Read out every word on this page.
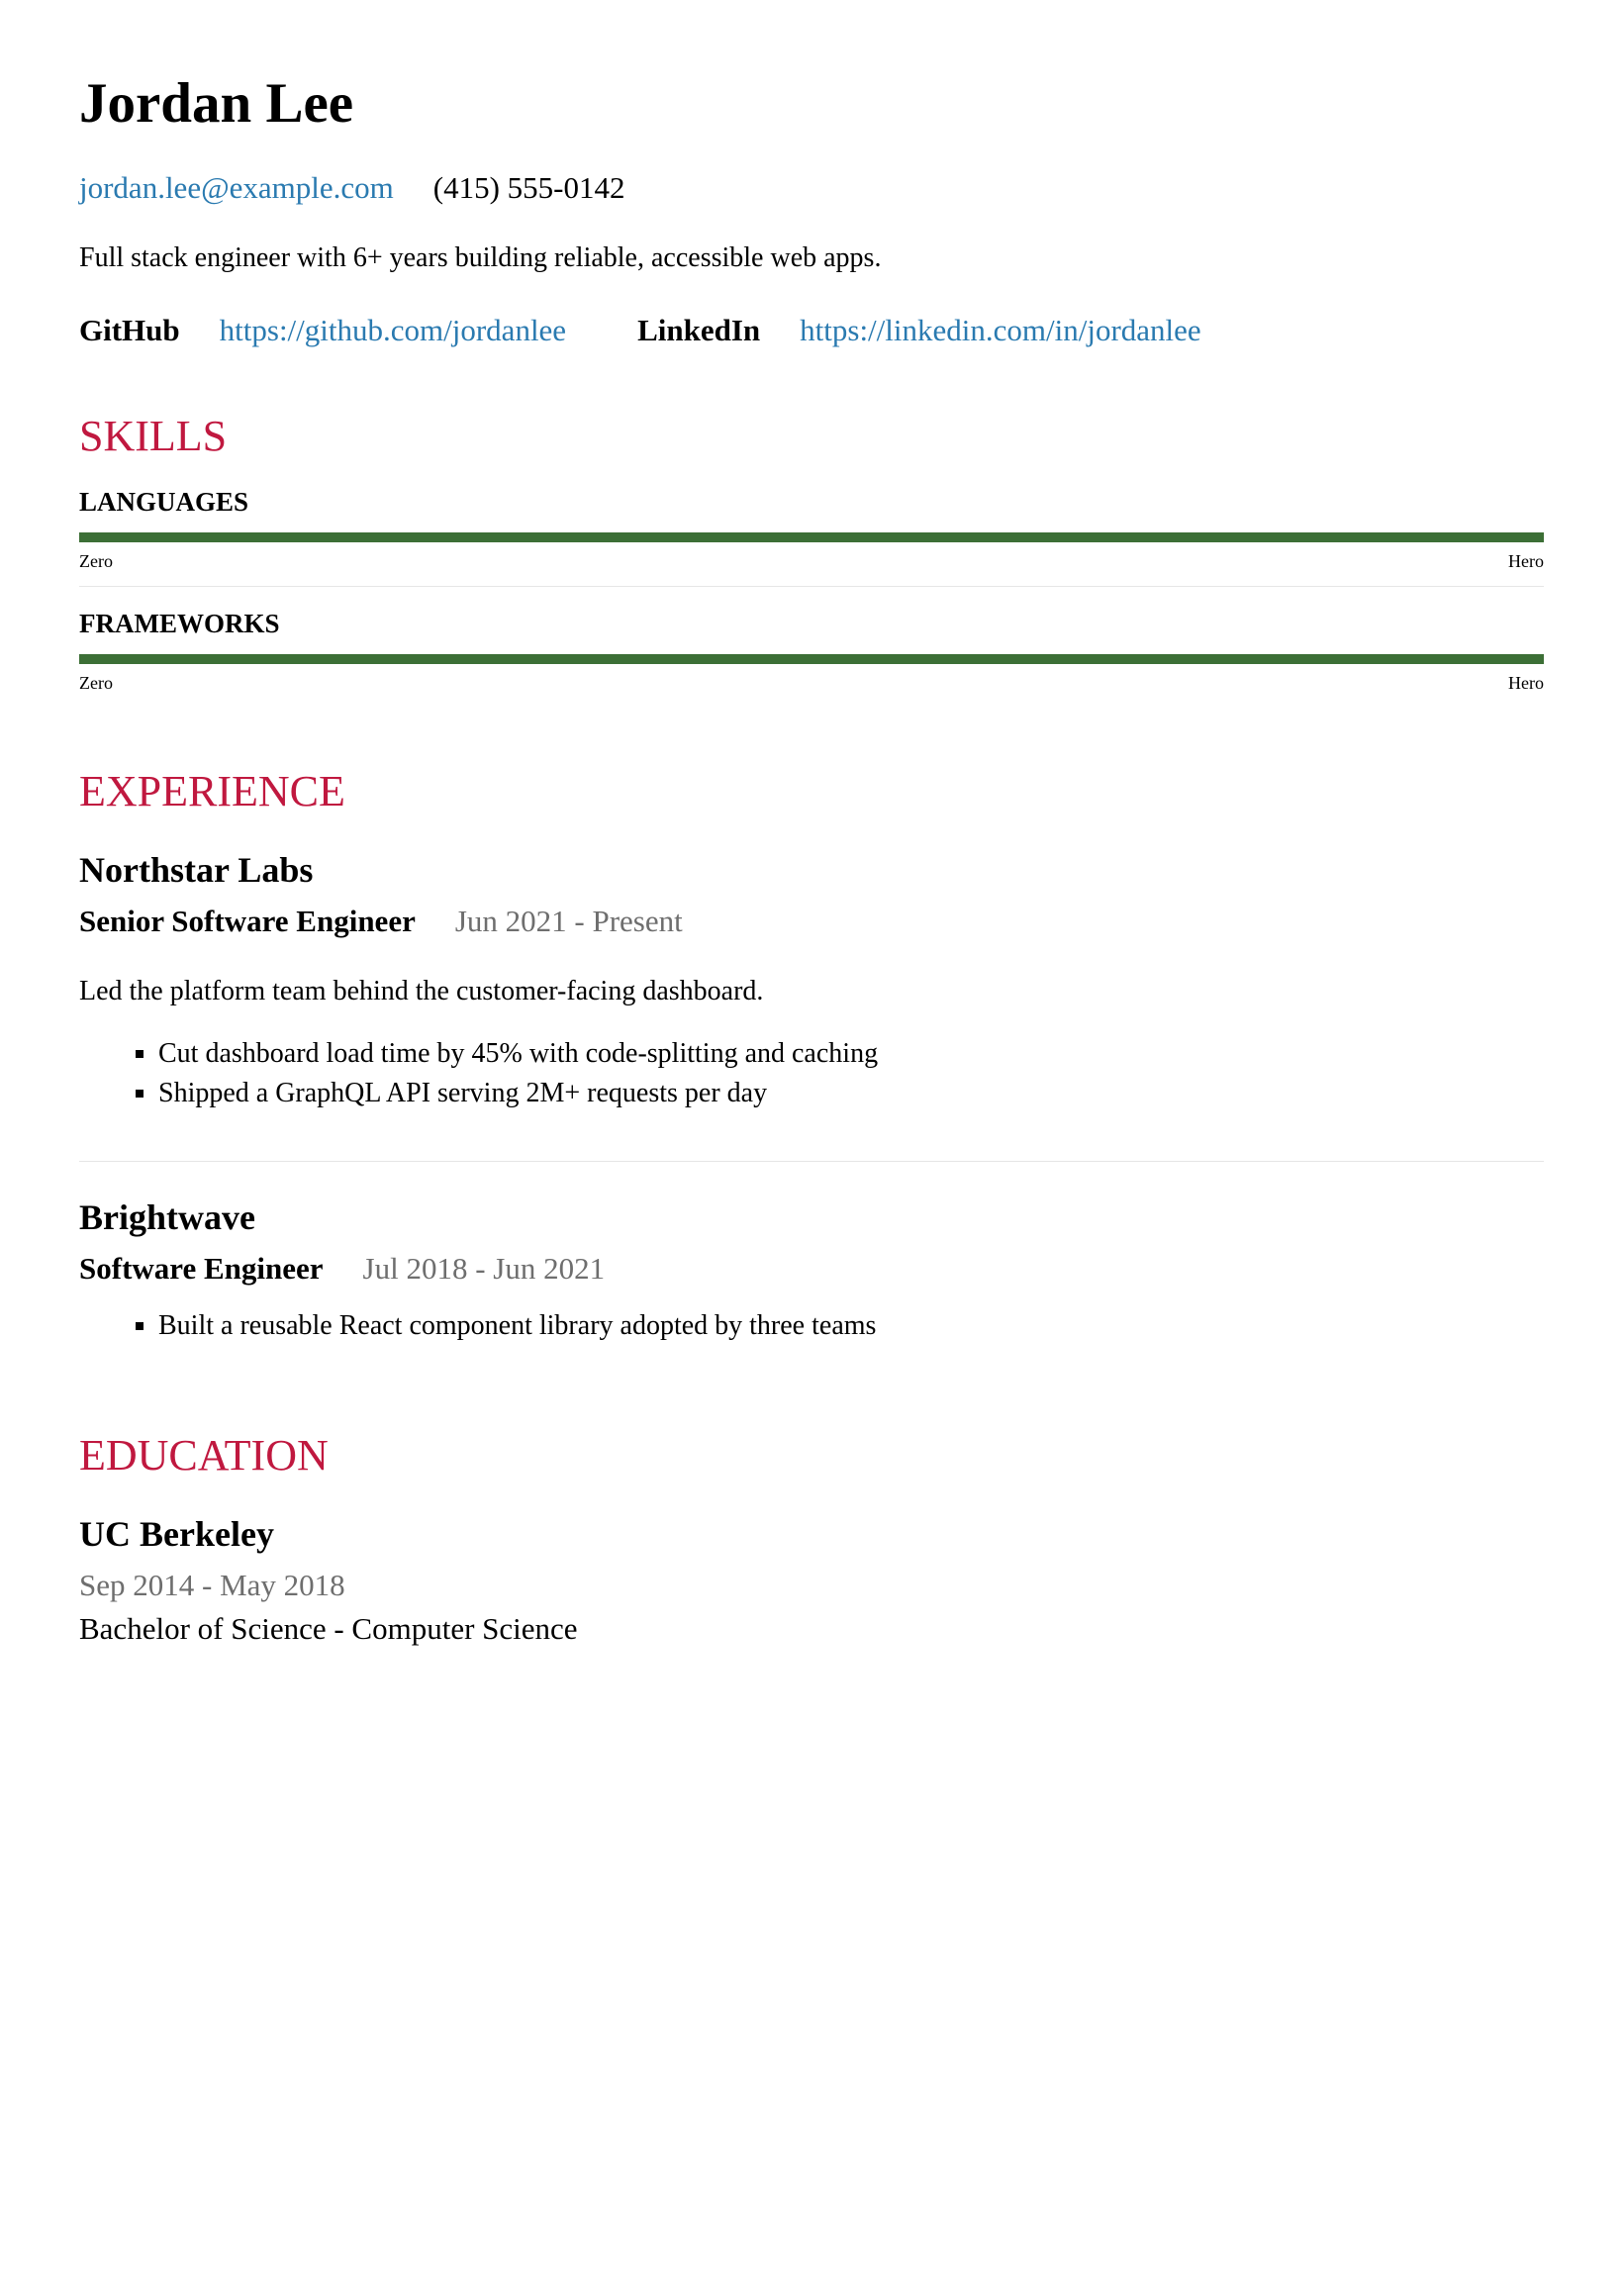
Jordan Lee
jordan.lee@example.com (415) 555-0142
Full stack engineer with 6+ years building reliable, accessible web apps.
GitHub https://github.com/jordanlee LinkedIn https://linkedin.com/in/jordanlee
SKILLS
LANGUAGES
Zero	Hero
FRAMEWORKS
Zero	Hero
EXPERIENCE
Northstar Labs
Senior Software Engineer Jun 2021 - Present
Led the platform team behind the customer-facing dashboard.
▪ Cut dashboard load time by 45% with code-splitting and caching
▪ Shipped a GraphQL API serving 2M+ requests per day
Brightwave
Software Engineer Jul 2018 - Jun 2021
▪ Built a reusable React component library adopted by three teams
EDUCATION
UC Berkeley
Sep 2014 - May 2018
Bachelor of Science - Computer Science
